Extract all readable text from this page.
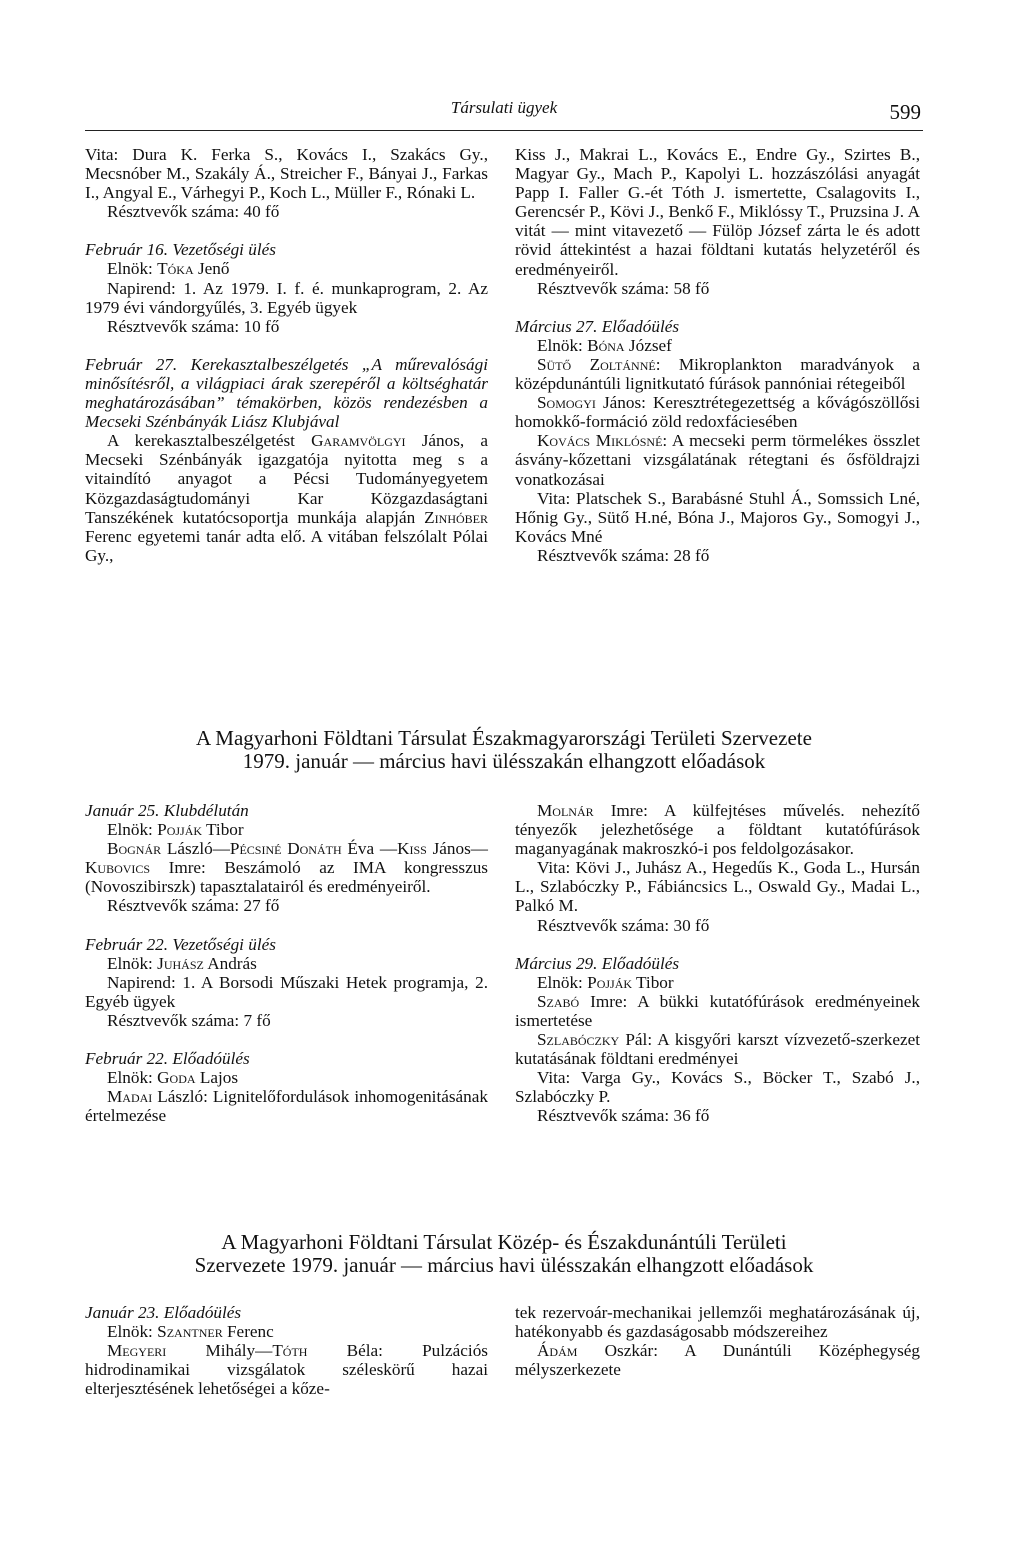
Társulati ügyek	599

Vita: Dura K. Ferka S., Kovács I., Szakács Gy., Mecsnóber M., Szakály Á., Streicher F., Bányai J., Farkas I., Angyal E., Várhegyi P., Koch L., Müller F., Rónaki L.

Résztvevők száma: 40 fő

Február 16. Vezetőségi ülés

Elnök: Tóka Jenő

Napirend: 1. Az 1979. I. f. é. munkaprogram, 2. Az 1979 évi vándorgyűlés, 3. Egyéb ügyek

Résztvevők száma: 10 fő

Február 27. Kerekasztalbeszélgetés „A műrevalósági minősítésről, a világpiaci árak szerepéről a költséghatár meghatározásában” témakörben, közös rendezésben a Mecseki Szénbányák Liász Klubjával

A kerekasztalbeszélgetést Garamvölgyi János, a Mecseki Szénbányák igazgatója nyitotta meg s a vitaindító anyagot a Pécsi Tudományegyetem Közgazdaságtudományi Kar Közgazdaságtani Tanszékének kutatócsoportja munkája alapján Zinhóber Ferenc egyetemi tanár adta elő. A vitában felszólalt Pólai Gy.,

Kiss J., Makrai L., Kovács E., Endre Gy., Szirtes B., Magyar Gy., Mach P., Kapolyi L. hozzászólási anyagát Papp I. Faller G.-ét Tóth J. ismertette, Csalagovits I., Gerencsér P., Kövi J., Benkő F., Miklóssy T., Pruzsina J. A vitát — mint vitavezető — Fülöp József zárta le és adott rövid áttekintést a hazai földtani kutatás helyzetéről és eredményeiről.

Résztvevők száma: 58 fő

Március 27. Előadóülés

Elnök: Bóna József

Sütő Zoltánné: Mikroplankton maradványok a középdunántúli lignitkutató fúrások pannóniai rétegeiből

Somogyi János: Keresztrétegezettség a kővágószöllősi homokkő-formáció zöld redoxfáciesében

Kovács Miklósné: A mecseki perm törmelékes összlet ásvány-kőzettani vizsgálatának rétegtani és ősföldrajzi vonatkozásai

Vita: Platschek S., Barabásné Stuhl Á., Somssich Lné, Hőnig Gy., Sütő H.né, Bóna J., Majoros Gy., Somogyi J., Kovács Mné

Résztvevők száma: 28 fő

A Magyarhoni Földtani Társulat Északmagyarországi Területi Szervezete
1979. január — március havi ülésszakán elhangzott előadások

Január 25. Klubdélután

Elnök: Pojják Tibor

Bognár László—Pécsiné Donáth Éva —Kiss János—Kubovics Imre: Beszámoló az IMA kongresszus (Novoszibirszk) tapasztalatairól és eredményeiről.

Résztvevők száma: 27 fő

Február 22. Vezetőségi ülés

Elnök: Juhász András

Napirend: 1. A Borsodi Műszaki Hetek programja, 2. Egyéb ügyek

Résztvevők száma: 7 fő

Február 22. Előadóülés

Elnök: Goda Lajos

Madai László: Lignitelőfordulások inhomogenitásának értelmezése

Molnár Imre: A külfejtéses művelés. nehezítő tényezők jelezhetősége a földtant kutatófúrások maganyagának makroszkó-i pos feldolgozásakor.

Vita: Kövi J., Juhász A., Hegedűs K., Goda L., Hursán L., Szlabóczky P., Fábiáncsics L., Oswald Gy., Madai L., Palkó M.

Résztvevők száma: 30 fő

Március 29. Előadóülés

Elnök: Pojják Tibor

Szabó Imre: A bükki kutatófúrások eredményeinek ismertetése

Szlabóczky Pál: A kisgyőri karszt vízvezető-szerkezet kutatásának földtani eredményei

Vita: Varga Gy., Kovács S., Böcker T., Szabó J., Szlabóczky P.

Résztvevők száma: 36 fő

A Magyarhoni Földtani Társulat Közép- és Északdunántúli Területi
Szervezete 1979. január — március havi ülésszakán elhangzott előadások

Január 23. Előadóülés

Elnök: Szantner Ferenc

Megyeri Mihály—Tóth Béla: Pulzációs hidrodinamikai vizsgálatok széleskörű hazai elterjesztésének lehetőségei a kőze-

tek rezervoár-mechanikai jellemzői meghatározásának új, hatékonyabb és gazdaságosabb módszereihez

Ádám Oszkár: A Dunántúli Középhegység mélyszerkezete
